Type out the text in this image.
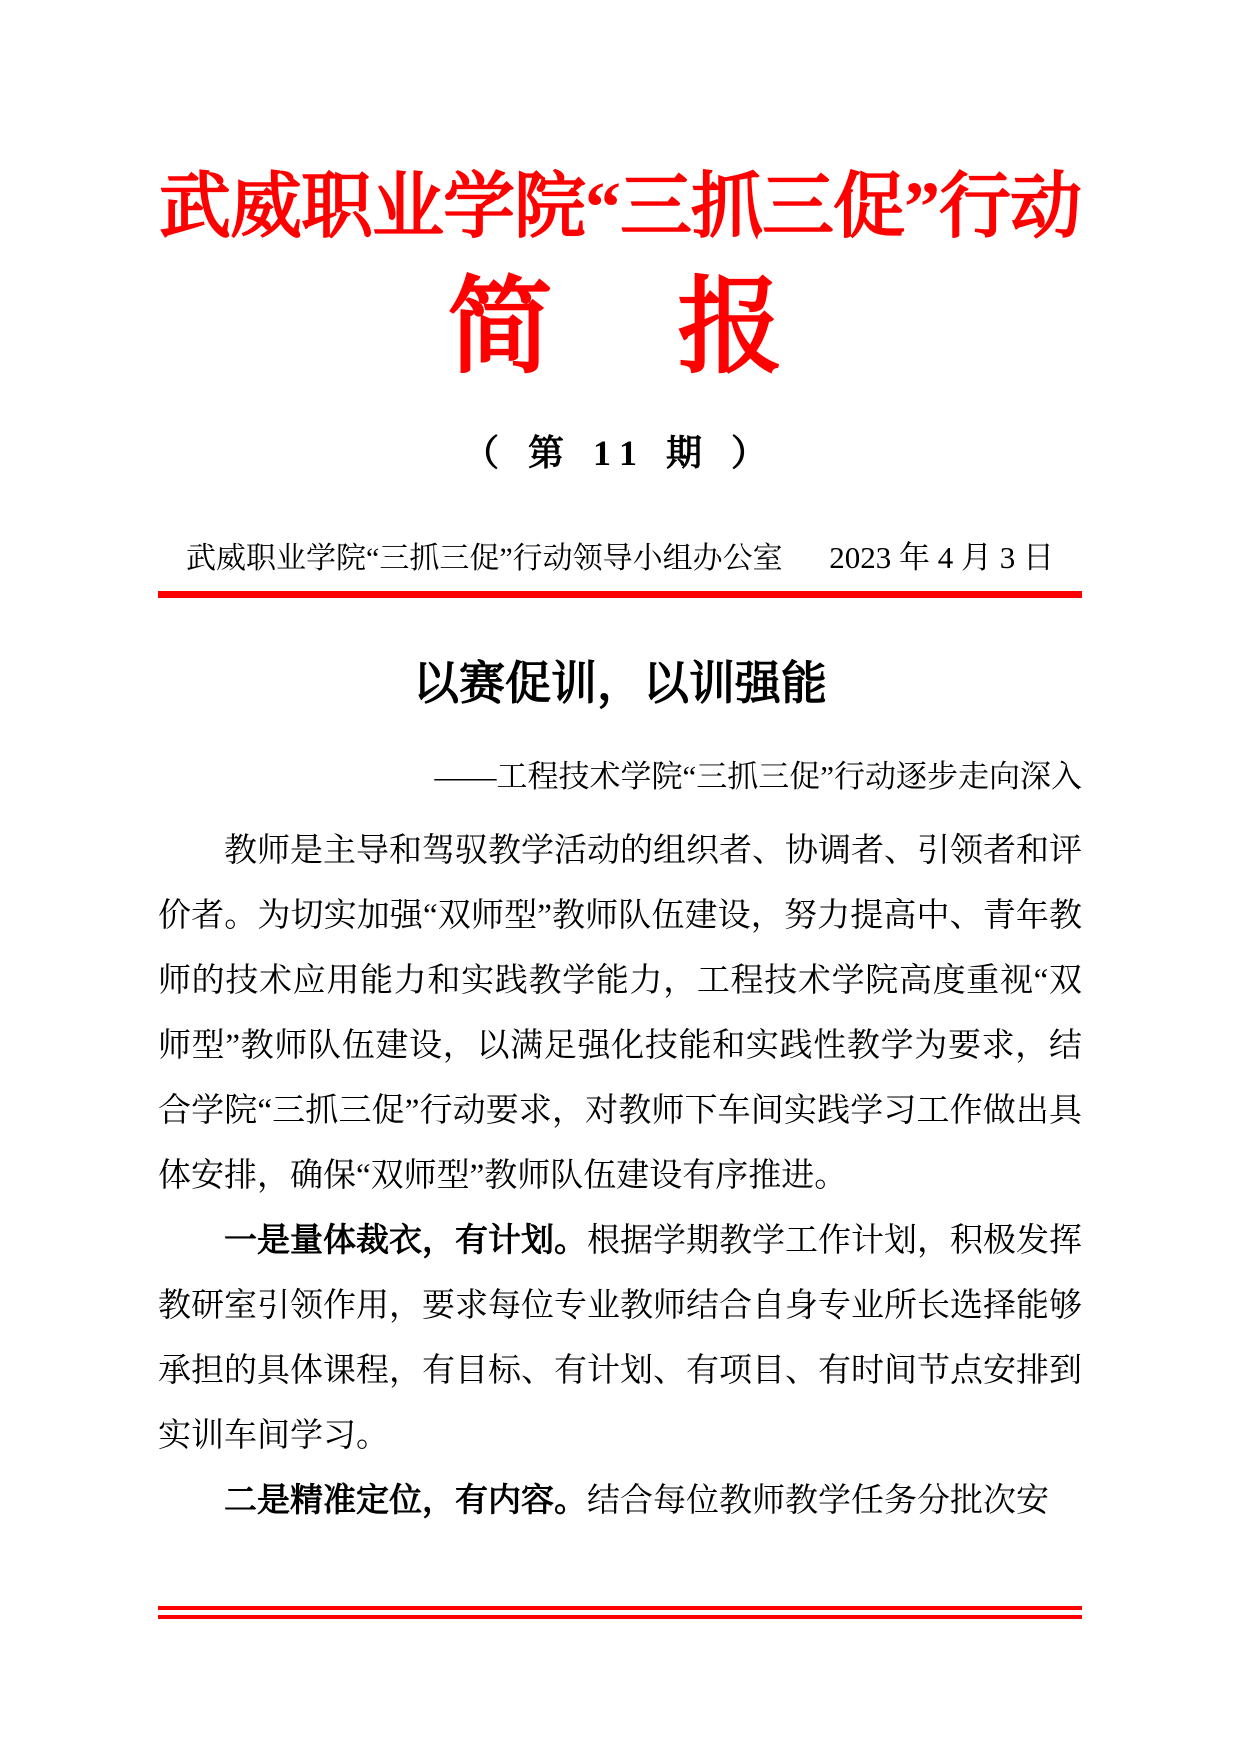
武威职业学院“三抓三促”行动
简　报
（ 第 11 期 ）
武威职业学院“三抓三促”行动领导小组办公室 2023 年 4 月 3 日
以赛促训，以训强能
——工程技术学院“三抓三促”行动逐步走向深入

教师是主导和驾驭教学活动的组织者、协调者、引领者和评价者。为切实加强“双师型”教师队伍建设，努力提高中、青年教师的技术应用能力和实践教学能力，工程技术学院高度重视“双师型”教师队伍建设，以满足强化技能和实践性教学为要求，结合学院“三抓三促”行动要求，对教师下车间实践学习工作做出具体安排，确保“双师型”教师队伍建设有序推进。

一是量体裁衣，有计划。根据学期教学工作计划，积极发挥教研室引领作用，要求每位专业教师结合自身专业所长选择能够承担的具体课程，有目标、有计划、有项目、有时间节点安排到实训车间学习。

二是精准定位，有内容。结合每位教师教学任务分批次安
